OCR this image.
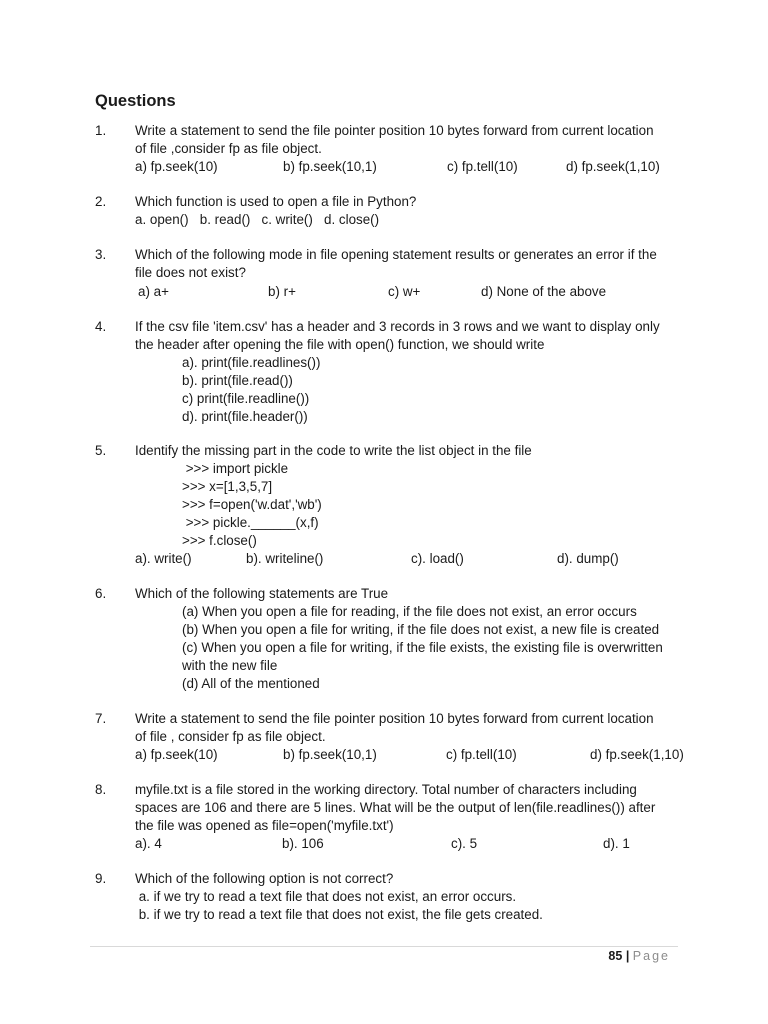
Questions
1. Write a statement to send the file pointer position 10 bytes forward from current location
of file ,consider fp as file object.
a) fp.seek(10)	b) fp.seek(10,1)	c) fp.tell(10)	d) fp.seek(1,10)
2. Which function is used to open a file in Python?
a. open()   b. read()   c. write()   d. close()
3. Which of the following mode in file opening statement results or generates an error if the
file does not exist?
a) a+	b) r+	c) w+	d) None of the above
4. If the csv file 'item.csv' has a header and 3 records in 3 rows and we want to display only
the header after opening the file with open() function, we should write
a). print(file.readlines())
b). print(file.read())
c) print(file.readline())
d). print(file.header())
5. Identify the missing part in the code to write the list object in the file
>>> import pickle
>>> x=[1,3,5,7]
>>> f=open('w.dat','wb')
>>> pickle.______(x,f)
>>> f.close()
a). write()	b). writeline()	c). load()	d). dump()
6. Which of the following statements are True
(a) When you open a file for reading, if the file does not exist, an error occurs
(b) When you open a file for writing, if the file does not exist, a new file is created
(c) When you open a file for writing, if the file exists, the existing file is overwritten
with the new file
(d) All of the mentioned
7. Write a statement to send the file pointer position 10 bytes forward from current location
of file , consider fp as file object.
a) fp.seek(10)	b) fp.seek(10,1)	c) fp.tell(10)	d) fp.seek(1,10)
8. myfile.txt is a file stored in the working directory. Total number of characters including
spaces are 106 and there are 5 lines. What will be the output of len(file.readlines()) after
the file was opened as file=open('myfile.txt')
a). 4	b). 106	c). 5	d). 1
9. Which of the following option is not correct?
a. if we try to read a text file that does not exist, an error occurs.
b. if we try to read a text file that does not exist, the file gets created.
85 | Page
